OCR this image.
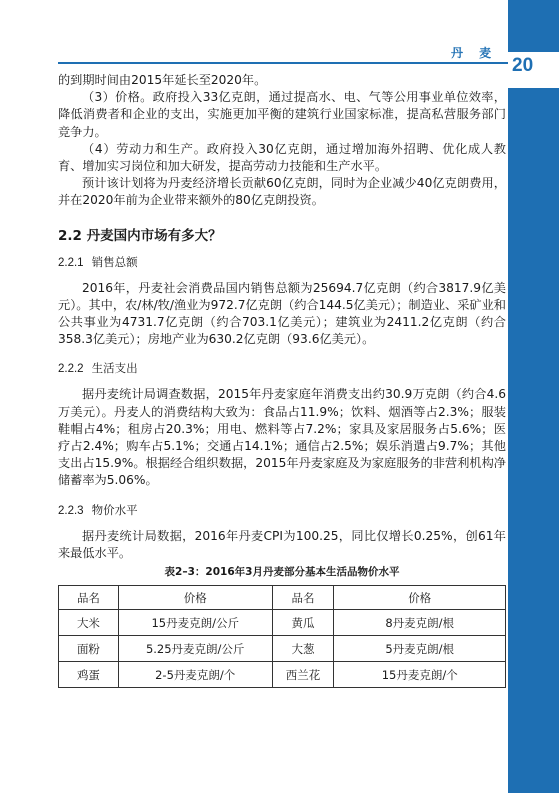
丹 麦
20

的到期时间由2015年延长至2020年。

（3）价格。政府投入33亿克朗，通过提高水、电、气等公用事业单位效率，降低消费者和企业的支出，实施更加平衡的建筑行业国家标准，提高私营服务部门竞争力。

（4）劳动力和生产。政府投入30亿克朗，通过增加海外招聘、优化成人教育、增加实习岗位和加大研发，提高劳动力技能和生产水平。

预计该计划将为丹麦经济增长贡献60亿克朗，同时为企业减少40亿克朗费用，并在2020年前为企业带来额外的80亿克朗投资。

2.2 丹麦国内市场有多大？
2.2.1 销售总额

2016年，丹麦社会消费品国内销售总额为25694.7亿克朗（约合3817.9亿美元）。其中，农/林/牧/渔业为972.7亿克朗（约合144.5亿美元）；制造业、采矿业和公共事业为4731.7亿克朗（约合703.1亿美元）；建筑业为2411.2亿克朗（约合358.3亿美元）；房地产业为630.2亿克朗（93.6亿美元）。

2.2.2 生活支出

据丹麦统计局调查数据，2015年丹麦家庭年消费支出约30.9万克朗（约合4.6万美元）。丹麦人的消费结构大致为：食品占11.9%；饮料、烟酒等占2.3%；服装鞋帽占4%；租房占20.3%；用电、燃料等占7.2%；家具及家居服务占5.6%；医疗占2.4%；购车占5.1%；交通占14.1%；通信占2.5%；娱乐消遣占9.7%；其他支出占15.9%。根据经合组织数据，2015年丹麦家庭及为家庭服务的非营利机构净储蓄率为5.06%。

2.2.3 物价水平

据丹麦统计局数据，2016年丹麦CPI为100.25，同比仅增长0.25%，创61年来最低水平。

表2–3：2016年3月丹麦部分基本生活品物价水平
品名	价格	品名	价格
大米	15丹麦克朗/公斤	黄瓜	8丹麦克朗/根
面粉	5.25丹麦克朗/公斤	大葱	5丹麦克朗/根
鸡蛋	2-5丹麦克朗/个	西兰花	15丹麦克朗/个
